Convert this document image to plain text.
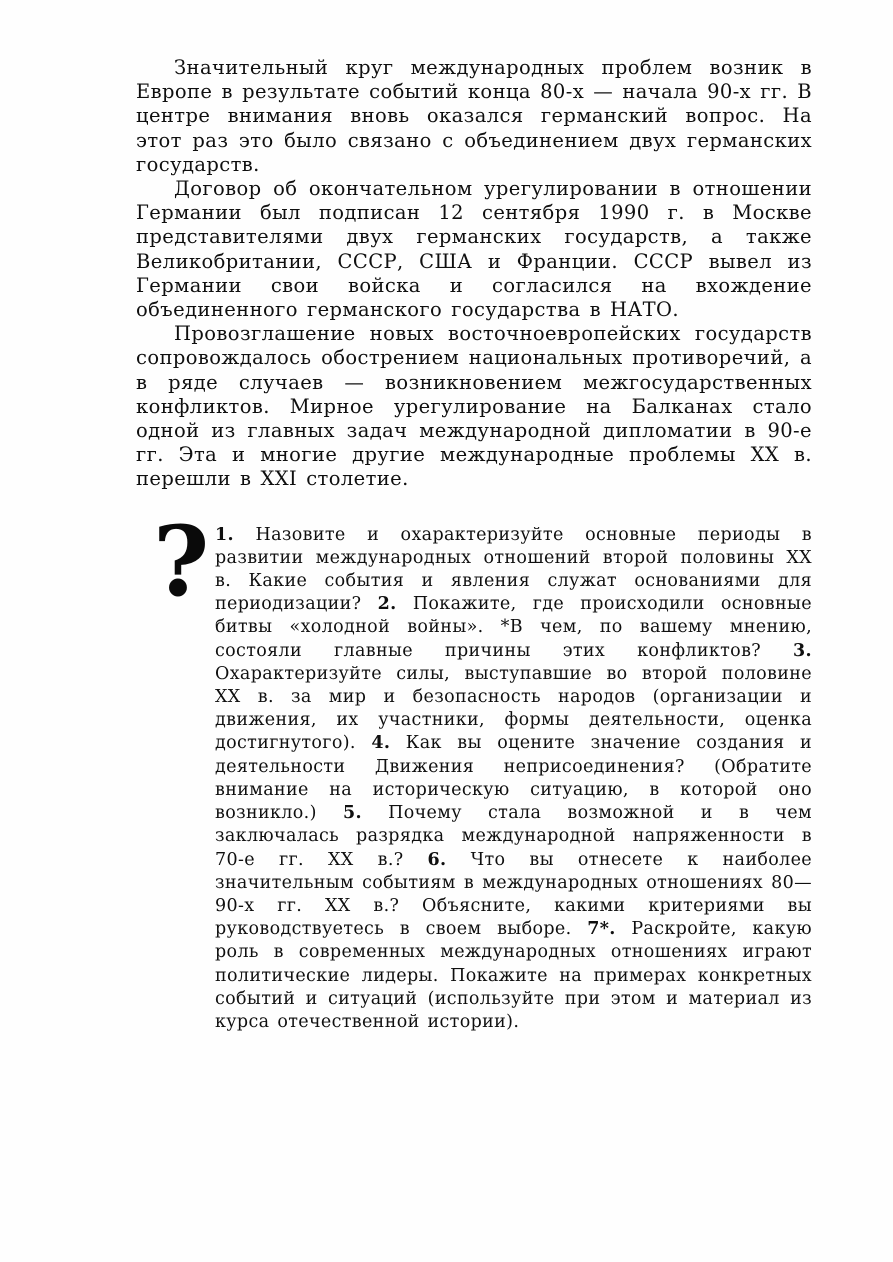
Значительный круг международных проблем возник в Европе в результате событий конца 80-х — начала 90-х гг. В центре внимания вновь оказался германский вопрос. На этот раз это было связано с объединением двух германских государств.

Договор об окончательном урегулировании в отношении Германии был подписан 12 сентября 1990 г. в Москве представителями двух германских государств, а также Великобритании, СССР, США и Франции. СССР вывел из Германии свои войска и согласился на вхождение объединенного германского государства в НАТО.

Провозглашение новых восточноевропейских государств сопровождалось обострением национальных противоречий, а в ряде случаев — возникновением межгосударственных конфликтов. Мирное урегулирование на Балканах стало одной из главных задач международной дипломатии в 90-е гг. Эта и многие другие международные проблемы XX в. перешли в XXI столетие.

? 1. Назовите и охарактеризуйте основные периоды в развитии международных отношений второй половины XX в. Какие события и явления служат основаниями для периодизации? 2. Покажите, где происходили основные битвы «холодной войны». *В чем, по вашему мнению, состояли главные причины этих конфликтов? 3. Охарактеризуйте силы, выступавшие во второй половине XX в. за мир и безопасность народов (организации и движения, их участники, формы деятельности, оценка достигнутого). 4. Как вы оцените значение создания и деятельности Движения неприсоединения? (Обратите внимание на историческую ситуацию, в которой оно возникло.) 5. Почему стала возможной и в чем заключалась разрядка международной напряженности в 70-е гг. XX в.? 6. Что вы отнесете к наиболее значительным событиям в международных отношениях 80—90-х гг. XX в.? Объясните, какими критериями вы руководствуетесь в своем выборе. 7*. Раскройте, какую роль в современных международных отношениях играют политические лидеры. Покажите на примерах конкретных событий и ситуаций (используйте при этом и материал из курса отечественной истории).
